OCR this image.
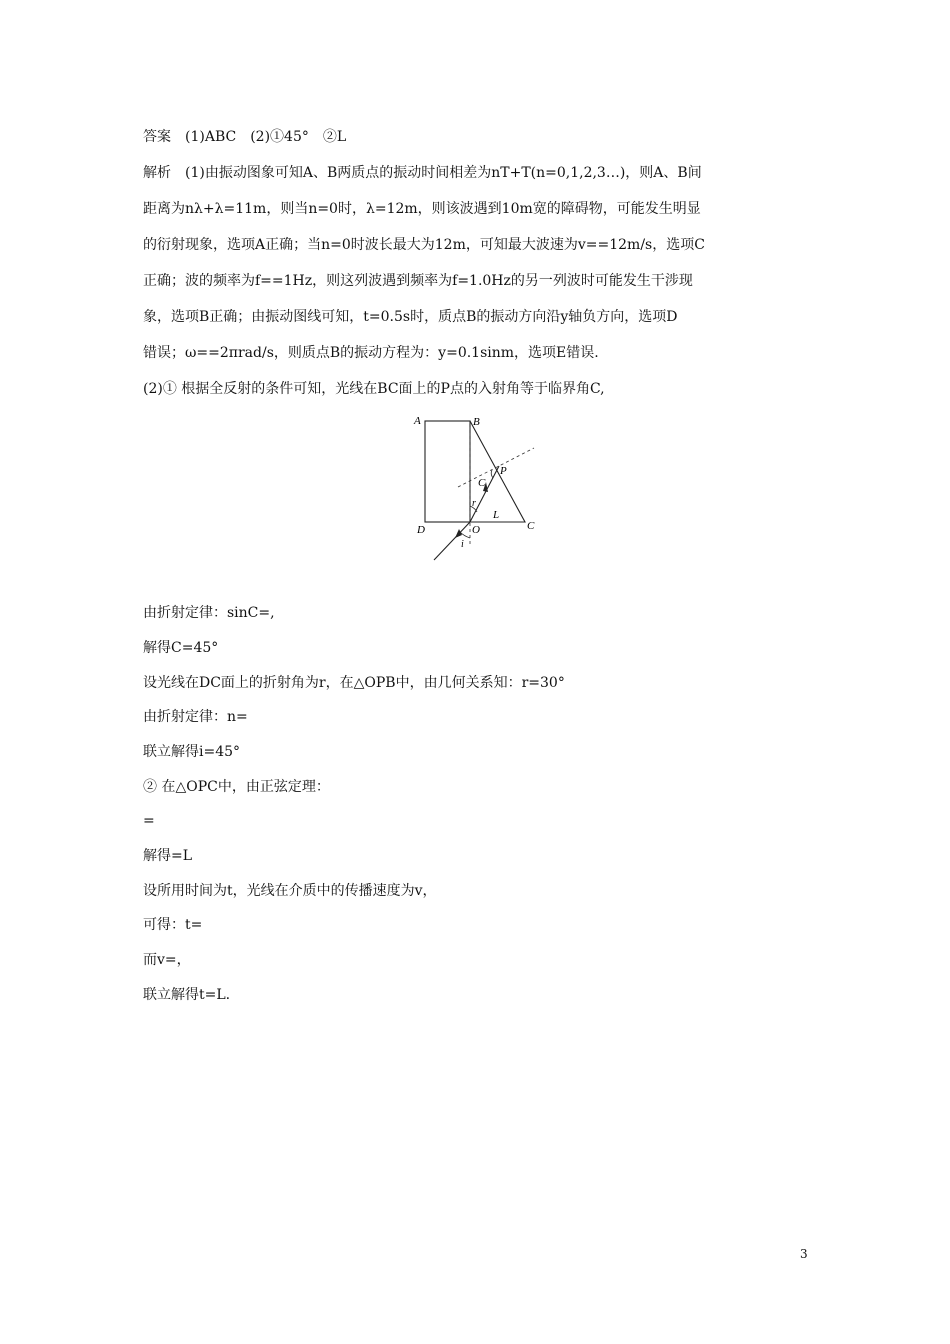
答案　(1)ABC　(2)①45°　②L
解析　(1)由振动图象可知A、B两质点的振动时间相差为nT+T(n=0,1,2,3…)，则A、B间
距离为nλ+λ=11m，则当n=0时，λ=12m，则该波遇到10m宽的障碍物，可能发生明显
的衍射现象，选项A正确；当n=0时波长最大为12m，可知最大波速为v==12m/s，选项C
正确；波的频率为f==1Hz，则这列波遇到频率为f=1.0Hz的另一列波时可能发生干涉现
象，选项B正确；由振动图线可知，t=0.5s时，质点B的振动方向沿y轴负方向，选项D
错误；ω==2πrad/s，则质点B的振动方程为：y=0.1sinm，选项E错误.
(2)① 根据全反射的条件可知，光线在BC面上的P点的入射角等于临界角C,
A	B
P
C
r
L
D	O	C
i
由折射定律：sinC=,
解得C=45°
设光线在DC面上的折射角为r，在△OPB中，由几何关系知：r=30°
由折射定律：n=
联立解得i=45°
② 在△OPC中，由正弦定理：
=
解得=L
设所用时间为t，光线在介质中的传播速度为v，
可得：t=
而v=，
联立解得t=L.
3
